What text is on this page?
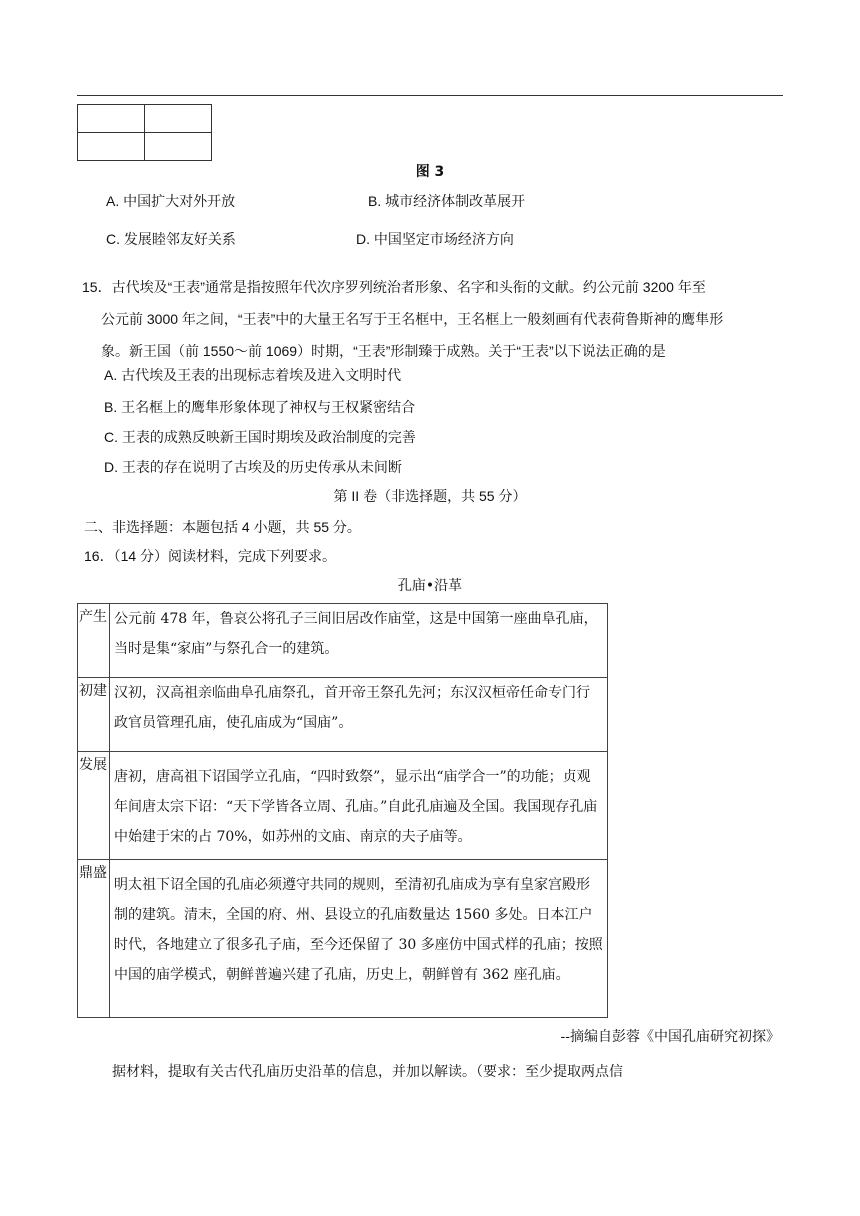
图 3
A. 中国扩大对外开放	B. 城市经济体制改革展开
C. 发展睦邻友好关系	D. 中国坚定市场经济方向
15．古代埃及“王表”通常是指按照年代次序罗列统治者形象、名字和头衔的文献。约公元前 3200 年至
公元前 3000 年之间，“王表”中的大量王名写于王名框中，王名框上一般刻画有代表荷鲁斯神的鹰隼形
象。新王国（前 1550～前 1069）时期，“王表”形制臻于成熟。关于“王表”以下说法正确的是
A. 古代埃及王表的出现标志着埃及进入文明时代
B. 王名框上的鹰隼形象体现了神权与王权紧密结合
C. 王表的成熟反映新王国时期埃及政治制度的完善
D. 王表的存在说明了古埃及的历史传承从未间断
第 II 卷（非选择题，共 55 分）
二、非选择题：本题包括 4 小题，共 55 分。
16．（14 分）阅读材料，完成下列要求。
孔庙•沿革
产生	公元前 478 年，鲁哀公将孔子三间旧居改作庙堂，这是中国第一座曲阜孔庙，当时是集“家庙”与祭孔合一的建筑。
初建	汉初，汉高祖亲临曲阜孔庙祭孔，首开帝王祭孔先河；东汉汉桓帝任命专门行政官员管理孔庙，使孔庙成为“国庙”。
发展	唐初，唐高祖下诏国学立孔庙，“四时致祭”，显示出“庙学合一”的功能；贞观年间唐太宗下诏：“天下学皆各立周、孔庙。”自此孔庙遍及全国。我国现存孔庙中始建于宋的占 70%，如苏州的文庙、南京的夫子庙等。
鼎盛	明太祖下诏全国的孔庙必须遵守共同的规则，至清初孔庙成为享有皇家宫殿形制的建筑。清末，全国的府、州、县设立的孔庙数量达 1560 多处。日本江户时代，各地建立了很多孔子庙，至今还保留了 30 多座仿中国式样的孔庙；按照中国的庙学模式，朝鲜普遍兴建了孔庙，历史上，朝鲜曾有 362 座孔庙。
--摘编自彭蓉《中国孔庙研究初探》
据材料，提取有关古代孔庙历史沿革的信息，并加以解读。（要求：至少提取两点信
